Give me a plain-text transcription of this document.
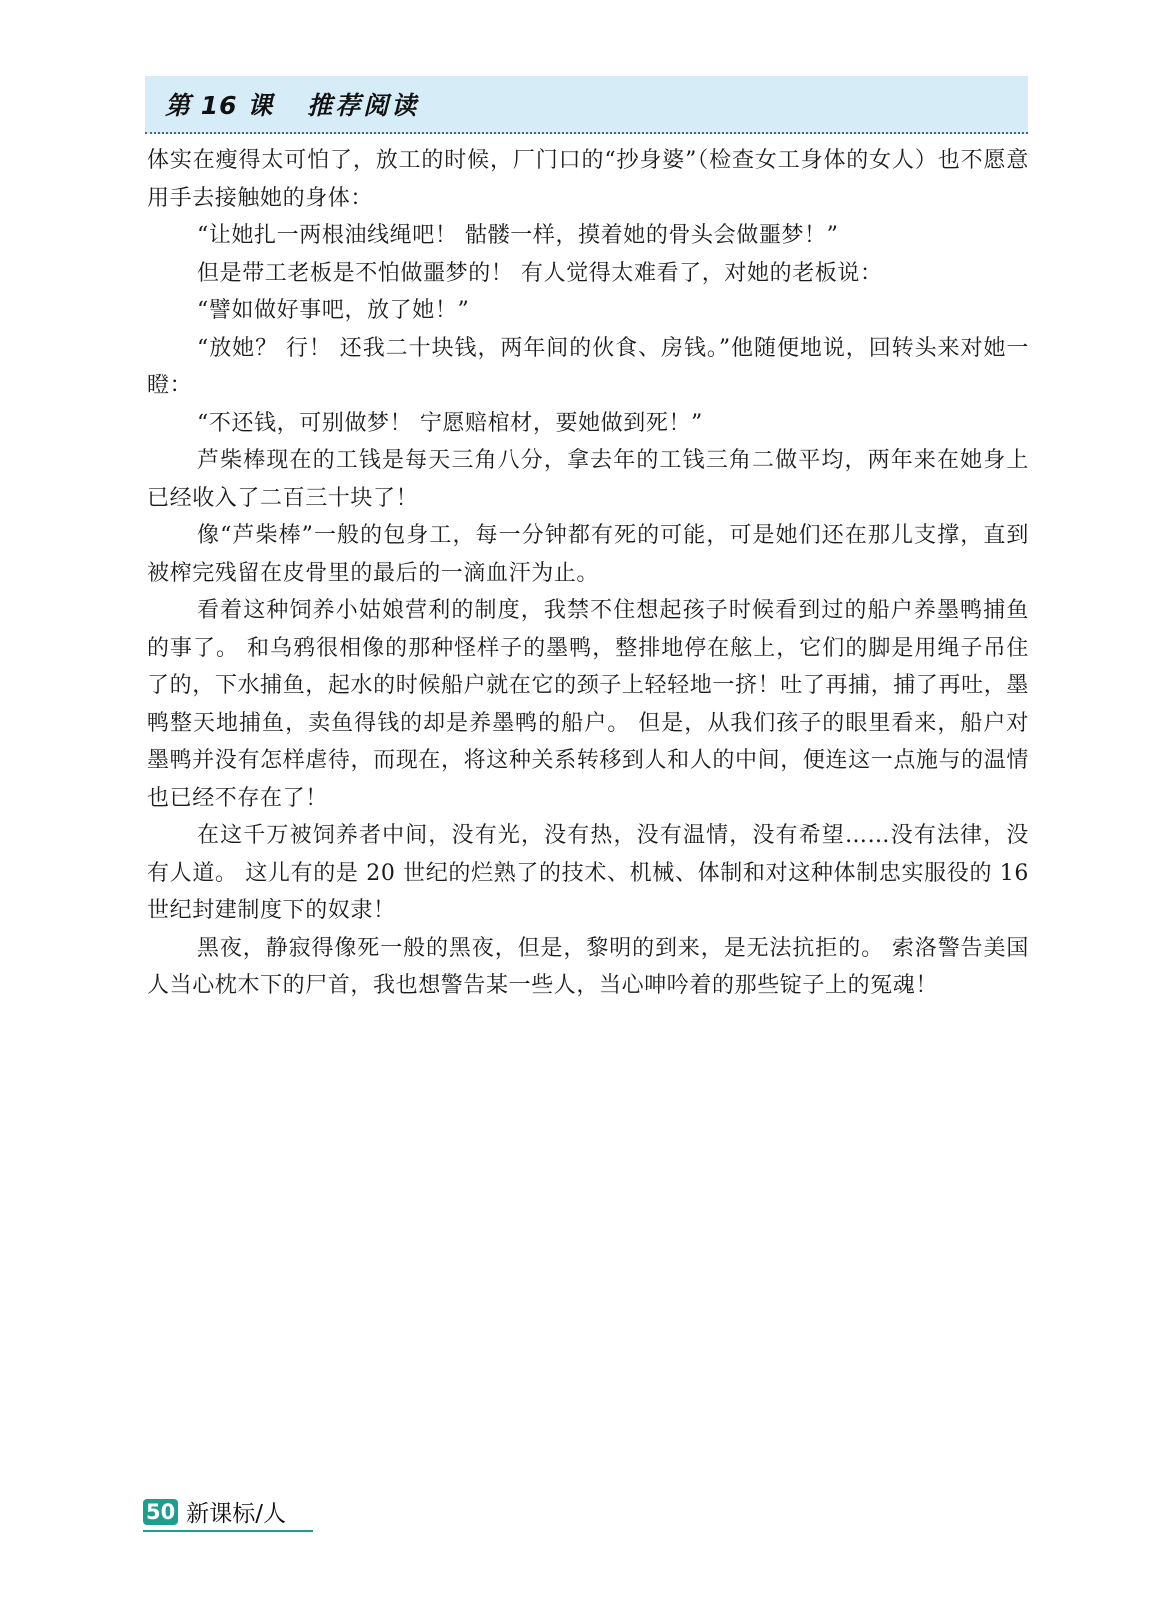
第 16 课 推荐阅读

体实在瘦得太可怕了，放工的时候，厂门口的“抄身婆”（检查女工身体的女人）也不愿意用手去接触她的身体：

“让她扎一两根油线绳吧！ 骷髅一样，摸着她的骨头会做噩梦！”

但是带工老板是不怕做噩梦的！ 有人觉得太难看了，对她的老板说：

“譬如做好事吧，放了她！”

“放她？ 行！ 还我二十块钱，两年间的伙食、房钱。”他随便地说，回转头来对她一瞪：

“不还钱，可别做梦！ 宁愿赔棺材，要她做到死！”

芦柴棒现在的工钱是每天三角八分，拿去年的工钱三角二做平均，两年来在她身上已经收入了二百三十块了！

像“芦柴棒”一般的包身工，每一分钟都有死的可能，可是她们还在那儿支撑，直到被榨完残留在皮骨里的最后的一滴血汗为止。

看着这种饲养小姑娘营利的制度，我禁不住想起孩子时候看到过的船户养墨鸭捕鱼的事了。 和乌鸦很相像的那种怪样子的墨鸭，整排地停在舷上，它们的脚是用绳子吊住了的，下水捕鱼，起水的时候船户就在它的颈子上轻轻地一挤！吐了再捕，捕了再吐，墨鸭整天地捕鱼，卖鱼得钱的却是养墨鸭的船户。 但是，从我们孩子的眼里看来，船户对墨鸭并没有怎样虐待，而现在，将这种关系转移到人和人的中间，便连这一点施与的温情也已经不存在了！

在这千万被饲养者中间，没有光，没有热，没有温情，没有希望……没有法律，没有人道。 这儿有的是 20 世纪的烂熟了的技术、机械、体制和对这种体制忠实服役的 16 世纪封建制度下的奴隶！

黑夜，静寂得像死一般的黑夜，但是，黎明的到来，是无法抗拒的。 索洛警告美国人当心枕木下的尸首，我也想警告某一些人，当心呻吟着的那些锭子上的冤魂！

50 新课标/人
